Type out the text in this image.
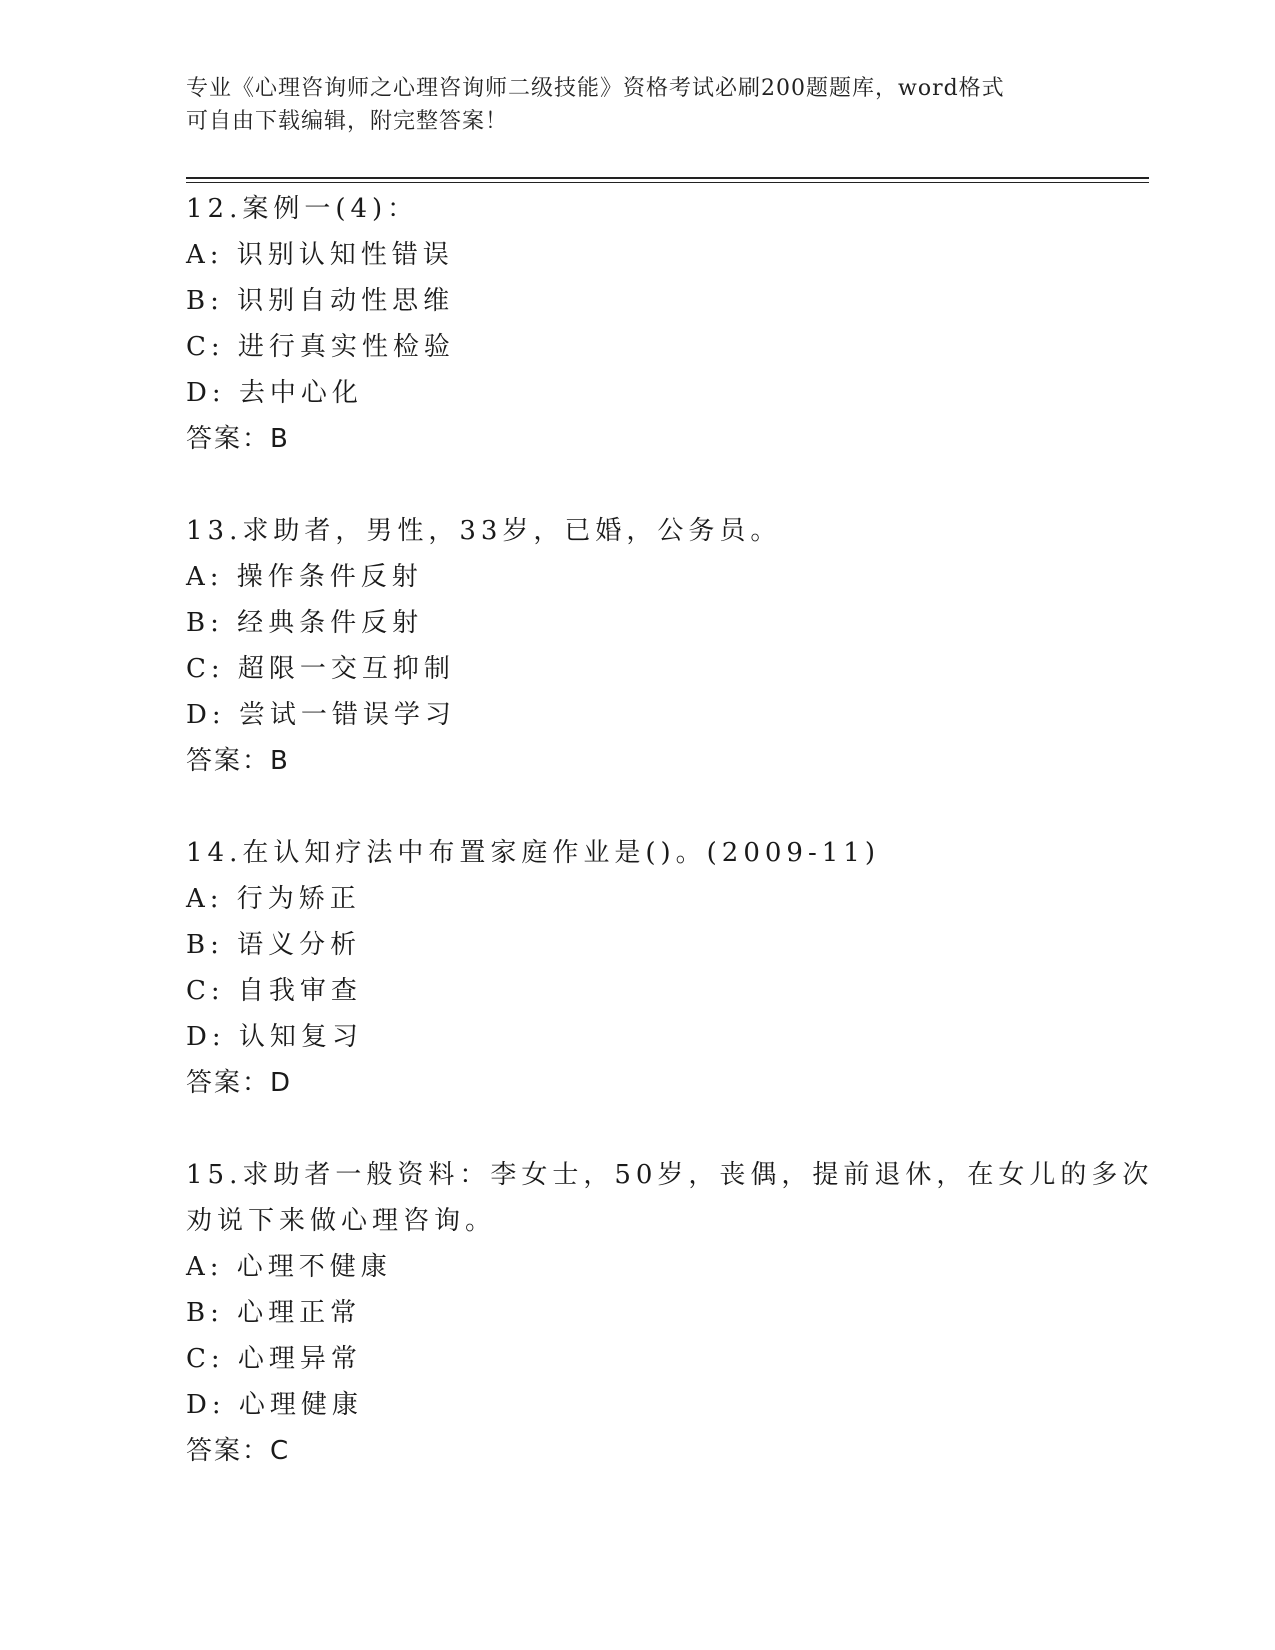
专业《心理咨询师之心理咨询师二级技能》资格考试必刷200题题库，word格式
可自由下载编辑，附完整答案！

12.案例一(4)：

A: 识别认知性错误

B: 识别自动性思维

C: 进行真实性检验

D: 去中心化

答案：B

13.求助者，男性，33岁，已婚，公务员。

A: 操作条件反射

B: 经典条件反射

C: 超限一交互抑制

D: 尝试一错误学习

答案：B

14.在认知疗法中布置家庭作业是()。(2009-11)

A: 行为矫正

B: 语义分析

C: 自我审查

D: 认知复习

答案：D

15.求助者一般资料：李女士，50岁，丧偶，提前退休，在女儿的多次

劝说下来做心理咨询。

A: 心理不健康

B: 心理正常

C: 心理异常

D: 心理健康

答案：C
